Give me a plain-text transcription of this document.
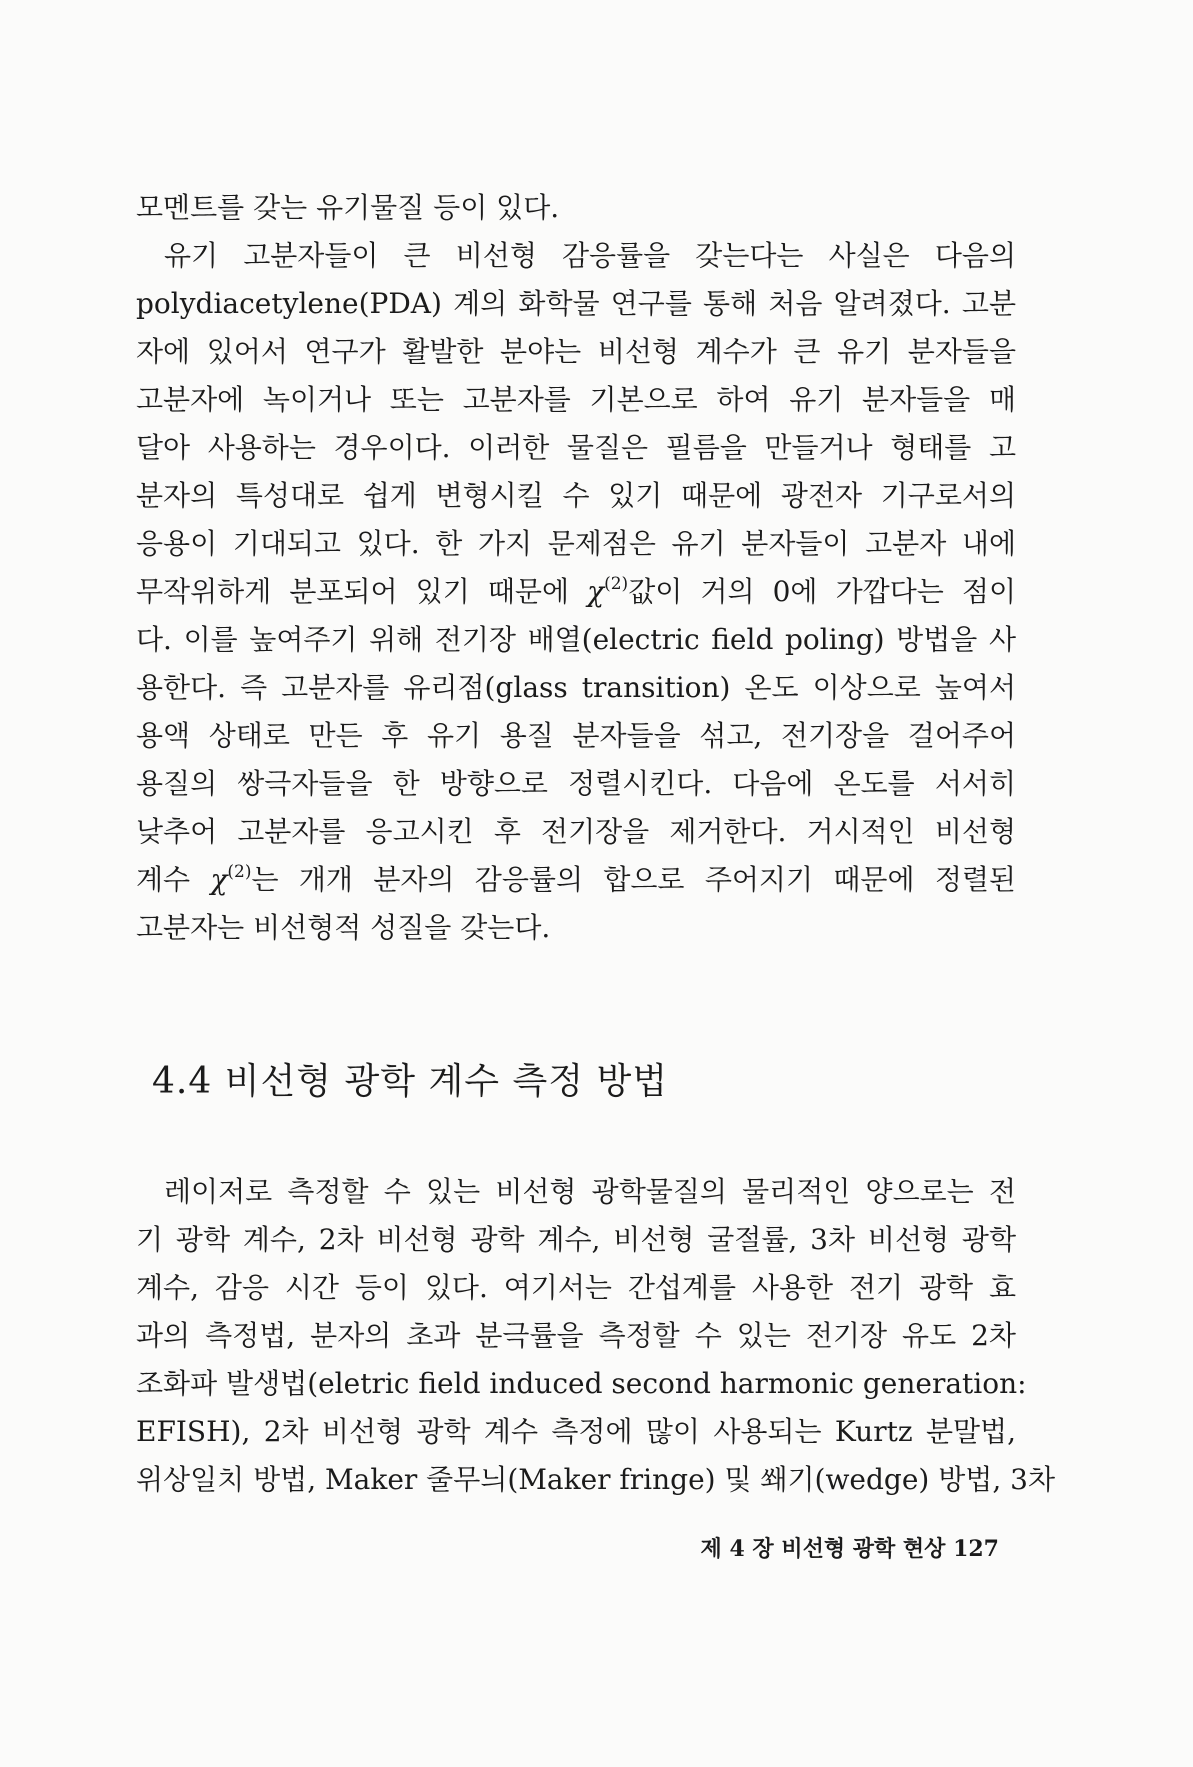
모멘트를 갖는 유기물질 등이 있다.
유기 고분자들이 큰 비선형 감응률을 갖는다는 사실은 다음의
polydiacetylene(PDA) 계의 화학물 연구를 통해 처음 알려졌다. 고분
자에 있어서 연구가 활발한 분야는 비선형 계수가 큰 유기 분자들을
고분자에 녹이거나 또는 고분자를 기본으로 하여 유기 분자들을 매
달아 사용하는 경우이다. 이러한 물질은 필름을 만들거나 형태를 고
분자의 특성대로 쉽게 변형시킬 수 있기 때문에 광전자 기구로서의
응용이 기대되고 있다. 한 가지 문제점은 유기 분자들이 고분자 내에
무작위하게 분포되어 있기 때문에 $\chi^{(2)}$값이 거의 0에 가깝다는 점이
다. 이를 높여주기 위해 전기장 배열(electric field poling) 방법을 사
용한다. 즉 고분자를 유리점(glass transition) 온도 이상으로 높여서
용액 상태로 만든 후 유기 용질 분자들을 섞고, 전기장을 걸어주어
용질의 쌍극자들을 한 방향으로 정렬시킨다. 다음에 온도를 서서히
낮추어 고분자를 응고시킨 후 전기장을 제거한다. 거시적인 비선형
계수 $\chi^{(2)}$는 개개 분자의 감응률의 합으로 주어지기 때문에 정렬된
고분자는 비선형적 성질을 갖는다.
4.4 비선형 광학 계수 측정 방법
레이저로 측정할 수 있는 비선형 광학물질의 물리적인 양으로는 전
기 광학 계수, 2차 비선형 광학 계수, 비선형 굴절률, 3차 비선형 광학
계수, 감응 시간 등이 있다. 여기서는 간섭계를 사용한 전기 광학 효
과의 측정법, 분자의 초과 분극률을 측정할 수 있는 전기장 유도 2차
조화파 발생법(eletric field induced second harmonic generation:
EFISH), 2차 비선형 광학 계수 측정에 많이 사용되는 Kurtz 분말법,
위상일치 방법, Maker 줄무늬(Maker fringe) 및 쐐기(wedge) 방법, 3차
제 4 장 비선형 광학 현상 127
